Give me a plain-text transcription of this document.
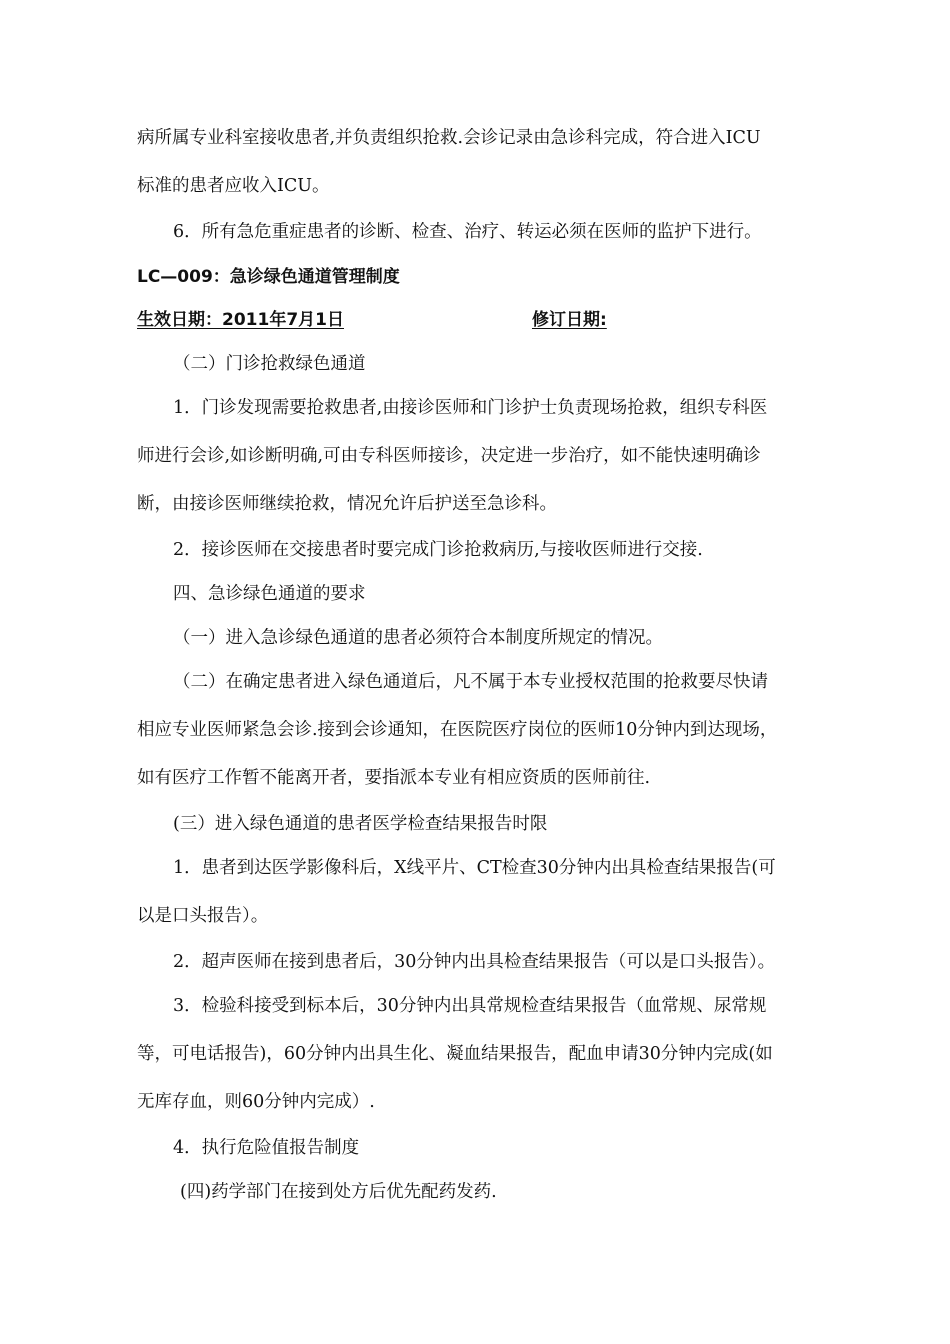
病所属专业科室接收患者,并负责组织抢救.会诊记录由急诊科完成，符合进入ICU
标准的患者应收入ICU。
6．所有急危重症患者的诊断、检查、治疗、转运必须在医师的监护下进行。
LC—009：急诊绿色通道管理制度
生效日期：2011年7月1日	修订日期:
（二）门诊抢救绿色通道
1．门诊发现需要抢救患者,由接诊医师和门诊护士负责现场抢救，组织专科医
师进行会诊,如诊断明确,可由专科医师接诊，决定进一步治疗，如不能快速明确诊
断，由接诊医师继续抢救，情况允许后护送至急诊科。
2．接诊医师在交接患者时要完成门诊抢救病历,与接收医师进行交接.
四、急诊绿色通道的要求
（一）进入急诊绿色通道的患者必须符合本制度所规定的情况。
（二）在确定患者进入绿色通道后，凡不属于本专业授权范围的抢救要尽快请
相应专业医师紧急会诊.接到会诊通知，在医院医疗岗位的医师10分钟内到达现场，
如有医疗工作暂不能离开者，要指派本专业有相应资质的医师前往.
(三）进入绿色通道的患者医学检查结果报告时限
1．患者到达医学影像科后，X线平片、CT检查30分钟内出具检查结果报告(可
以是口头报告）。
2．超声医师在接到患者后，30分钟内出具检查结果报告（可以是口头报告）。
3．检验科接受到标本后，30分钟内出具常规检查结果报告（血常规、尿常规
等，可电话报告)，60分钟内出具生化、凝血结果报告，配血申请30分钟内完成(如
无库存血，则60分钟内完成）.
4．执行危险值报告制度
(四)药学部门在接到处方后优先配药发药.
